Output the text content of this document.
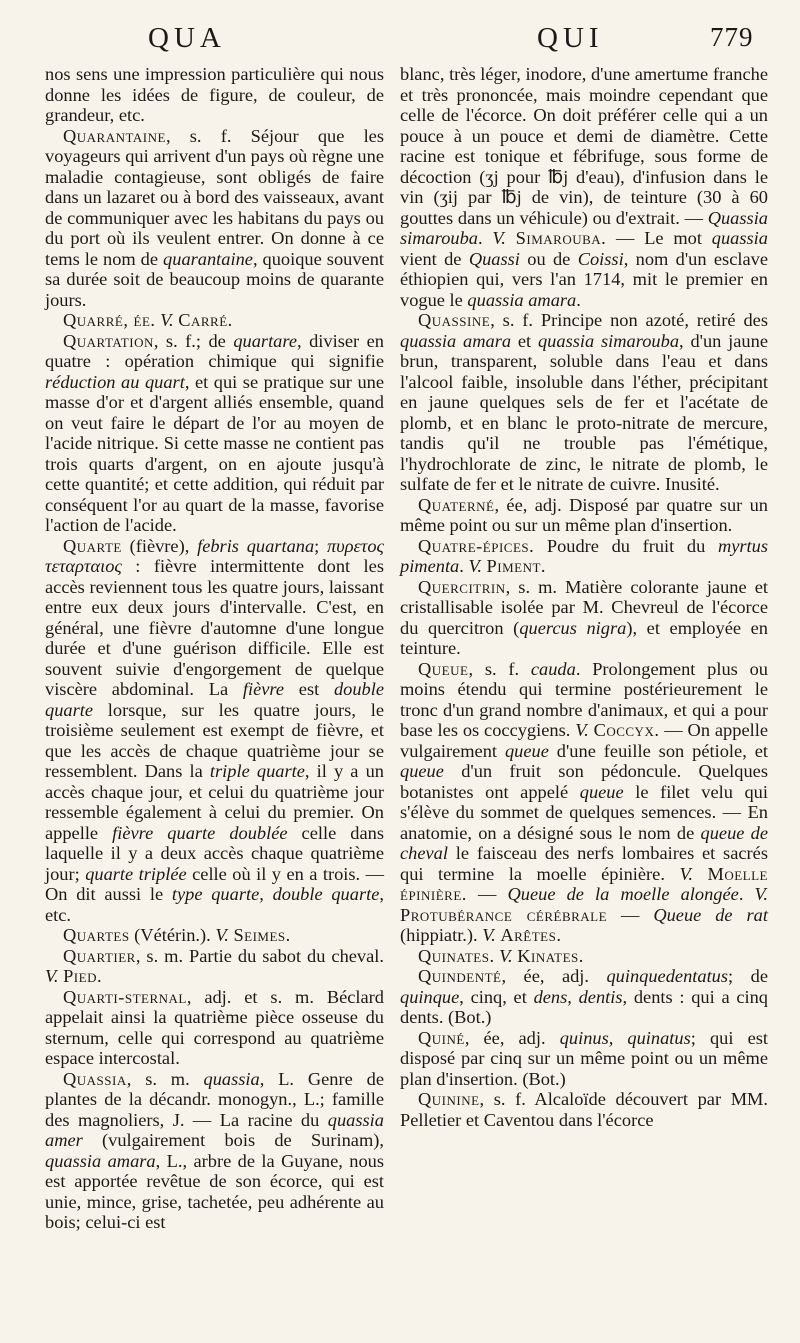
QUA	QUI	779

nos sens une impression particulière qui nous donne les idées de figure, de couleur, de grandeur, etc.

Quarantaine, s. f. Séjour que les voyageurs qui arrivent d'un pays où règne une maladie contagieuse, sont obligés de faire dans un lazaret ou à bord des vaisseaux, avant de communiquer avec les habitans du pays ou du port où ils veulent entrer. On donne à ce tems le nom de quarantaine, quoique souvent sa durée soit de beaucoup moins de quarante jours.

Quarré, ée. V. Carré.

Quartation, s. f.; de quartare, diviser en quatre : opération chimique qui signifie réduction au quart, et qui se pratique sur une masse d'or et d'argent alliés ensemble, quand on veut faire le départ de l'or au moyen de l'acide nitrique. Si cette masse ne contient pas trois quarts d'argent, on en ajoute jusqu'à cette quantité; et cette addition, qui réduit par conséquent l'or au quart de la masse, favorise l'action de l'acide.

Quarte (fièvre), febris quartana; πυρετος τεταρταιος : fièvre intermittente dont les accès reviennent tous les quatre jours, laissant entre eux deux jours d'intervalle. C'est, en général, une fièvre d'automne d'une longue durée et d'une guérison difficile. Elle est souvent suivie d'engorgement de quelque viscère abdominal. La fièvre est double quarte lorsque, sur les quatre jours, le troisième seulement est exempt de fièvre, et que les accès de chaque quatrième jour se ressemblent. Dans la triple quarte, il y a un accès chaque jour, et celui du quatrième jour ressemble également à celui du premier. On appelle fièvre quarte doublée celle dans laquelle il y a deux accès chaque quatrième jour; quarte triplée celle où il y en a trois. — On dit aussi le type quarte, double quarte, etc.

Quartes (Vétérin.). V. Seimes.

Quartier, s. m. Partie du sabot du cheval. V. Pied.

Quarti-sternal, adj. et s. m. Béclard appelait ainsi la quatrième pièce osseuse du sternum, celle qui correspond au quatrième espace intercostal.

Quassia, s. m. quassia, L. Genre de plantes de la décandr. monogyn., L.; famille des magnoliers, J. — La racine du quassia amer (vulgairement bois de Surinam), quassia amara, L., arbre de la Guyane, nous est apportée revêtue de son écorce, qui est unie, mince, grise, tachetée, peu adhérente au bois; celui-ci est

blanc, très léger, inodore, d'une amertume franche et très prononcée, mais moindre cependant que celle de l'écorce. On doit préférer celle qui a un pouce à un pouce et demi de diamètre. Cette racine est tonique et fébrifuge, sous forme de décoction (ʒj pour ℔j d'eau), d'infusion dans le vin (ʒij par ℔j de vin), de teinture (30 à 60 gouttes dans un véhicule) ou d'extrait. — Quassia simarouba. V. Simarouba. — Le mot quassia vient de Quassi ou de Coissi, nom d'un esclave éthiopien qui, vers l'an 1714, mit le premier en vogue le quassia amara.

Quassine, s. f. Principe non azoté, retiré des quassia amara et quassia simarouba, d'un jaune brun, transparent, soluble dans l'eau et dans l'alcool faible, insoluble dans l'éther, précipitant en jaune quelques sels de fer et l'acétate de plomb, et en blanc le proto-nitrate de mercure, tandis qu'il ne trouble pas l'émétique, l'hydrochlorate de zinc, le nitrate de plomb, le sulfate de fer et le nitrate de cuivre. Inusité.

Quaterné, ée, adj. Disposé par quatre sur un même point ou sur un même plan d'insertion.

Quatre-épices. Poudre du fruit du myrtus pimenta. V. Piment.

Quercitrin, s. m. Matière colorante jaune et cristallisable isolée par M. Chevreul de l'écorce du quercitron (quercus nigra), et employée en teinture.

Queue, s. f. cauda. Prolongement plus ou moins étendu qui termine postérieurement le tronc d'un grand nombre d'animaux, et qui a pour base les os coccygiens. V. Coccyx. — On appelle vulgairement queue d'une feuille son pétiole, et queue d'un fruit son pédoncule. Quelques botanistes ont appelé queue le filet velu qui s'élève du sommet de quelques semences. — En anatomie, on a désigné sous le nom de queue de cheval le faisceau des nerfs lombaires et sacrés qui termine la moelle épinière. V. Moelle épinière. — Queue de la moelle alongée. V. Protubérance cérébrale — Queue de rat (hippiatr.). V. Arêtes.

Quinates. V. Kinates.

Quindenté, ée, adj. quinquedentatus; de quinque, cinq, et dens, dentis, dents : qui a cinq dents. (Bot.)

Quiné, ée, adj. quinus, quinatus; qui est disposé par cinq sur un même point ou un même plan d'insertion. (Bot.)

Quinine, s. f. Alcaloïde découvert par MM. Pelletier et Caventou dans l'écorce
